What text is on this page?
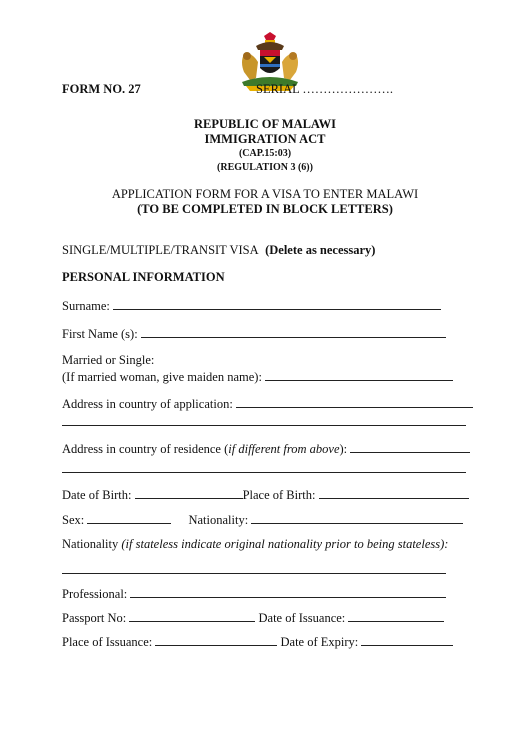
FORM NO. 27	SERIAL ………………….
REPUBLIC OF MALAWI
IMMIGRATION ACT
(CAP.15:03)
(REGULATION 3 (6))
APPLICATION FORM FOR A VISA TO ENTER MALAWI
(TO BE COMPLETED IN BLOCK LETTERS)
SINGLE/MULTIPLE/TRANSIT VISA (Delete as necessary)
PERSONAL INFORMATION
Surname:
First Name (s):
Married or Single:
(If married woman, give maiden name):
Address in country of application:
Address in country of residence (if different from above):
Date of Birth:	Place of Birth:
Sex:	Nationality:
Nationality (if stateless indicate original nationality prior to being stateless):
Professional:
Passport No:	Date of Issuance:
Place of Issuance:	Date of Expiry:
